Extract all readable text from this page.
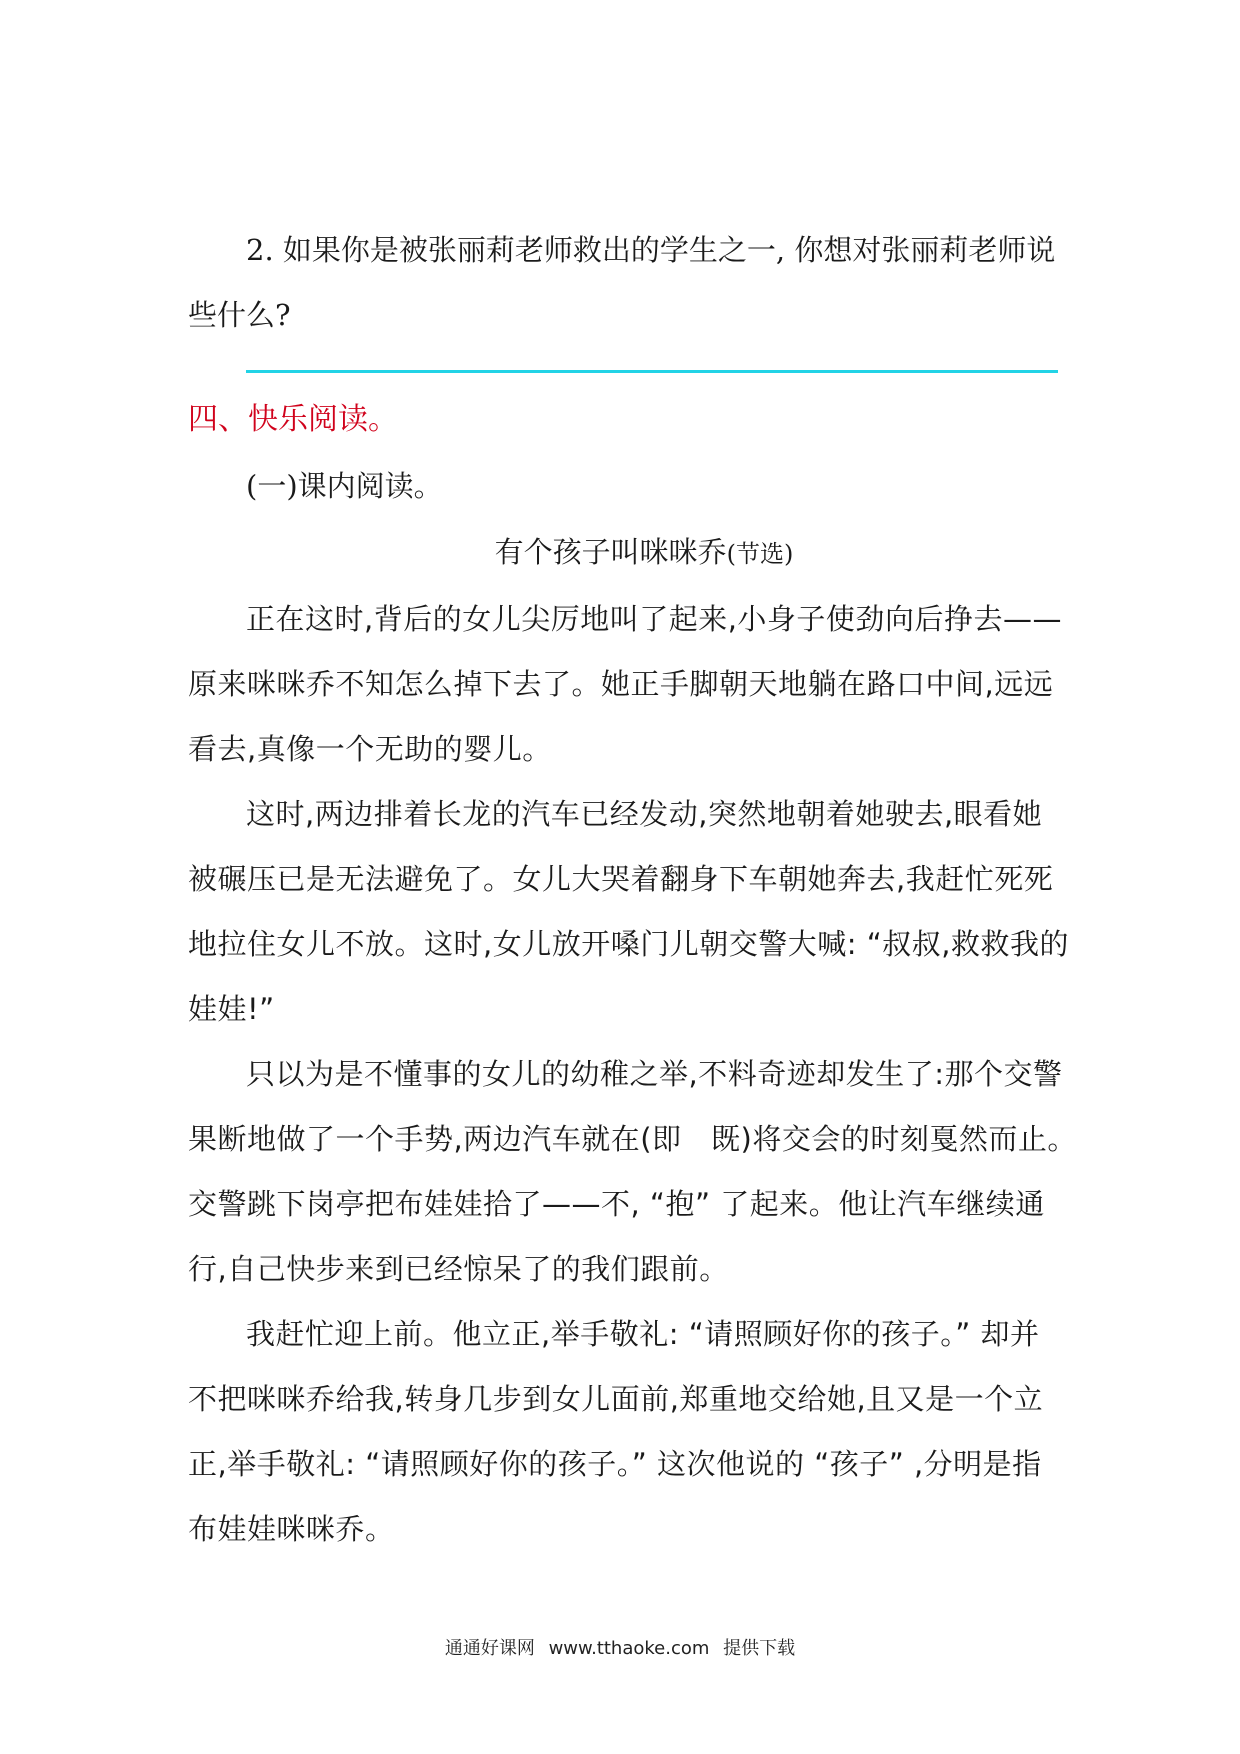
2. 如果你是被张丽莉老师救出的学生之一, 你想对张丽莉老师说

些什么?

四、快乐阅读。

(一)课内阅读。

有个孩子叫咪咪乔(节选)

正在这时,背后的女儿尖厉地叫了起来,小身子使劲向后挣去——
原来咪咪乔不知怎么掉下去了。她正手脚朝天地躺在路口中间,远远
看去,真像一个无助的婴儿。
这时,两边排着长龙的汽车已经发动,突然地朝着她驶去,眼看她
被碾压已是无法避免了。女儿大哭着翻身下车朝她奔去,我赶忙死死
地拉住女儿不放。这时,女儿放开嗓门儿朝交警大喊: “叔叔,救救我的
娃娃!”
只以为是不懂事的女儿的幼稚之举,不料奇迹却发生了:那个交警
果断地做了一个手势,两边汽车就在(即　既)将交会的时刻戛然而止。
交警跳下岗亭把布娃娃拾了——不, “抱” 了起来。他让汽车继续通
行,自己快步来到已经惊呆了的我们跟前。
我赶忙迎上前。他立正,举手敬礼: “请照顾好你的孩子。” 却并
不把咪咪乔给我,转身几步到女儿面前,郑重地交给她,且又是一个立
正,举手敬礼: “请照顾好你的孩子。” 这次他说的 “孩子” ,分明是指
布娃娃咪咪乔。
通通好课网 www.tthaoke.com 提供下载
